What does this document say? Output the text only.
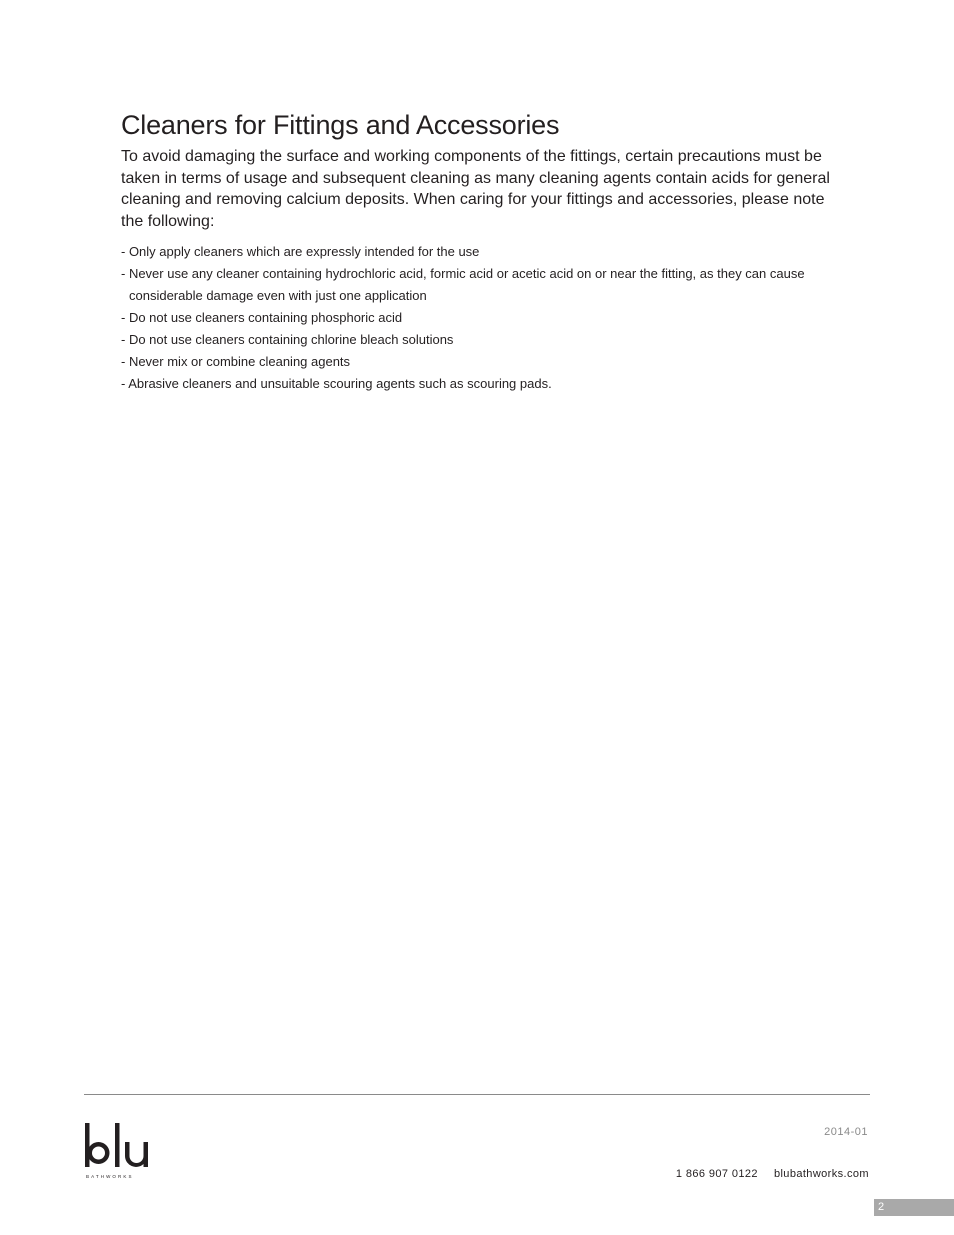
Cleaners for Fittings and Accessories

To avoid damaging the surface and working components of the fittings, certain precautions must be taken in terms of usage and subsequent cleaning as many cleaning agents contain acids for general cleaning and removing calcium deposits. When caring for your fittings and accessories, please note the following:

- Only apply cleaners which are expressly intended for the use
- Never use any cleaner containing hydrochloric acid, formic acid or acetic acid on or near the fitting, as they can cause considerable damage even with just one application
- Do not use cleaners containing phosphoric acid
- Do not use cleaners containing chlorine bleach solutions
- Never mix or combine cleaning agents
- Abrasive cleaners and unsuitable scouring agents such as scouring pads.
BATHWORKS
2014-01
1 866 907 0122 blubathworks.com
2
